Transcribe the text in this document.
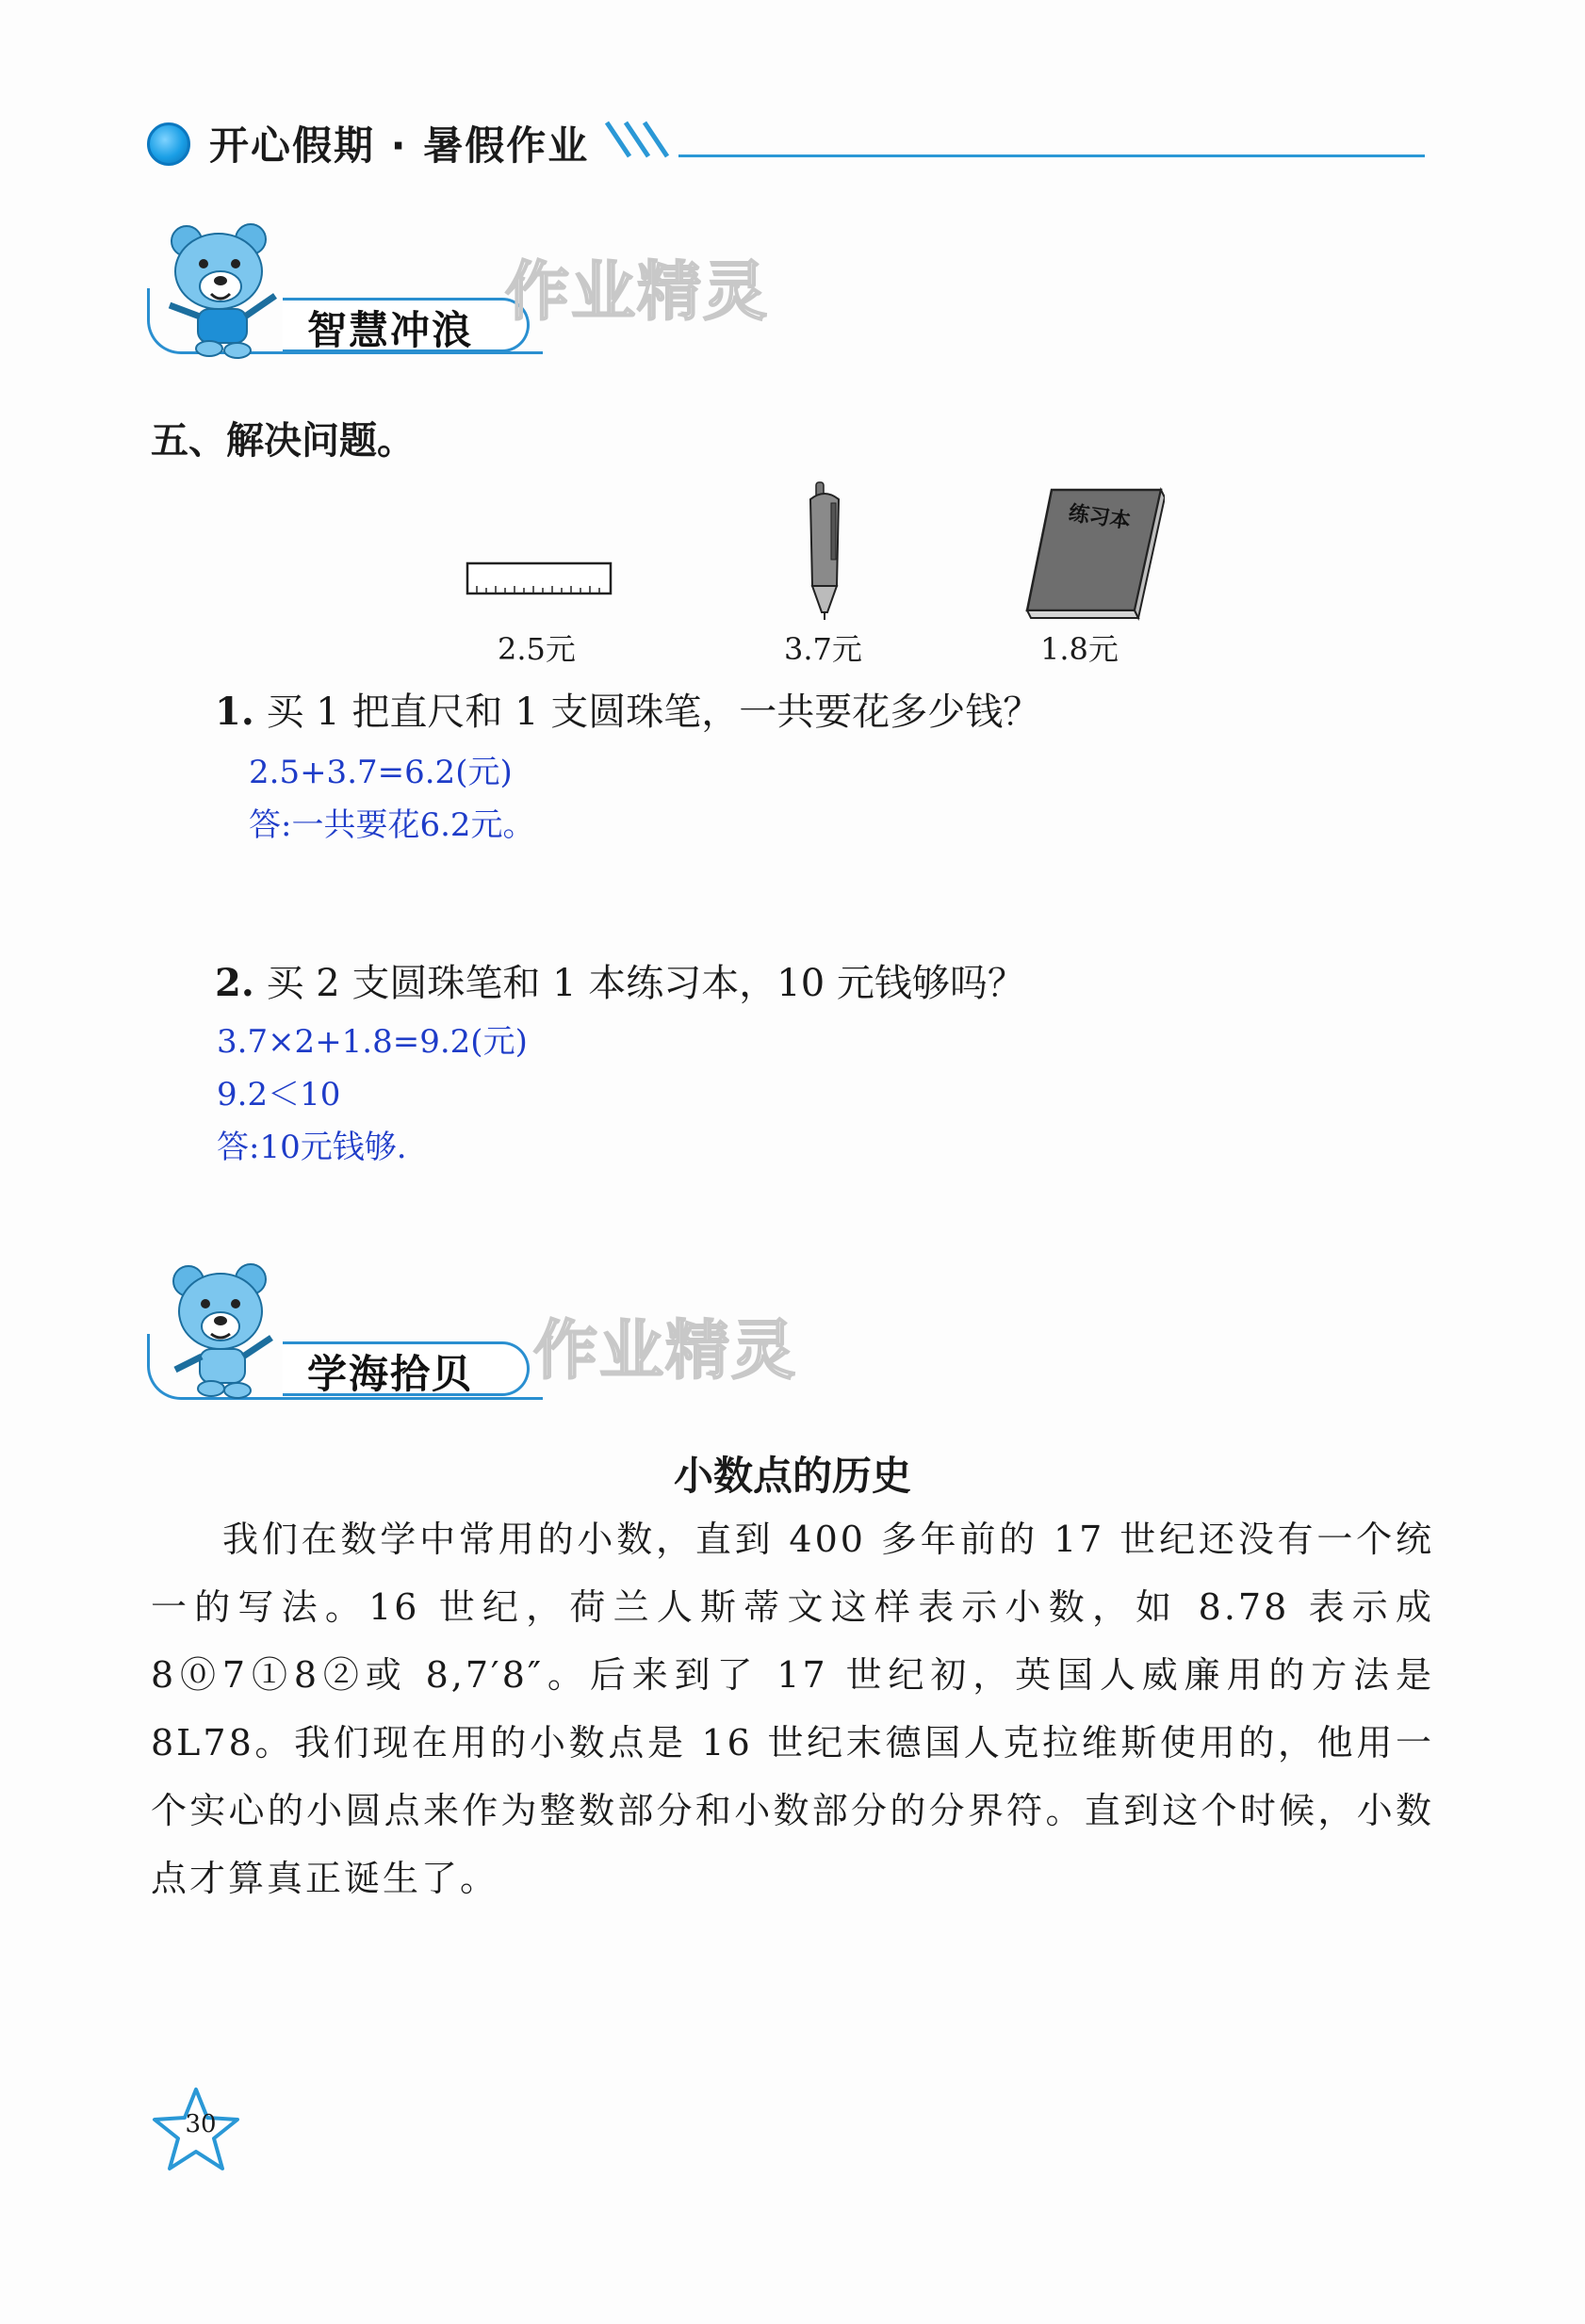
开心假期 · 暑假作业
智慧冲浪
作业精灵
五、解决问题。
2.5元	3.7元
练习本
1.8元
1. 买 1 把直尺和 1 支圆珠笔，一共要花多少钱？
2.5+3.7=6.2(元)
答:一共要花6.2元。
2. 买 2 支圆珠笔和 1 本练习本，10 元钱够吗？
3.7×2+1.8=9.2(元)
9.2＜10
答:10元钱够.
学海拾贝 作业精灵
小数点的历史

我们在数学中常用的小数，直到 400 多年前的 17 世纪还没有一个统一的写法。16 世纪，荷兰人斯蒂文这样表示小数，如 8.78 表示成 8⓪7①8②或 8,7′8″。后来到了 17 世纪初，英国人威廉用的方法是 8L78。我们现在用的小数点是 16 世纪末德国人克拉维斯使用的，他用一个实心的小圆点来作为整数部分和小数部分的分界符。直到这个时候，小数点才算真正诞生了。

30
